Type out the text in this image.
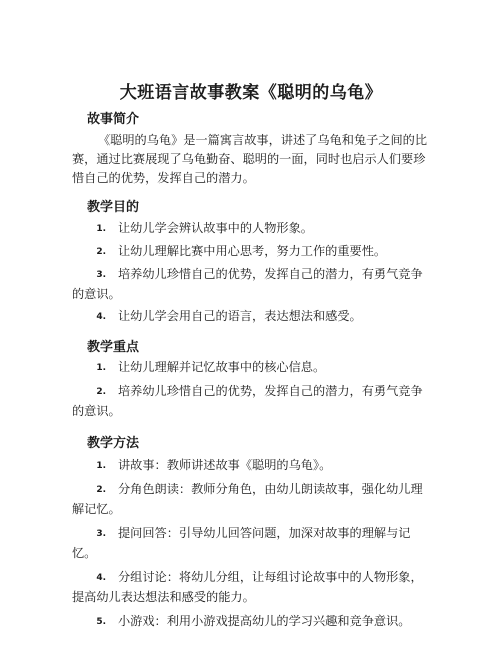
大班语言故事教案《聪明的乌龟》
故事简介
《聪明的乌龟》是一篇寓言故事，讲述了乌龟和兔子之间的比赛，通过比赛展现了乌龟勤奋、聪明的一面，同时也启示人们要珍惜自己的优势，发挥自己的潜力。
教学目的
1. 让幼儿学会辨认故事中的人物形象。
2. 让幼儿理解比赛中用心思考，努力工作的重要性。
3. 培养幼儿珍惜自己的优势，发挥自己的潜力，有勇气竞争的意识。
4. 让幼儿学会用自己的语言，表达想法和感受。
教学重点
1. 让幼儿理解并记忆故事中的核心信息。
2. 培养幼儿珍惜自己的优势，发挥自己的潜力，有勇气竞争的意识。
教学方法
1. 讲故事：教师讲述故事《聪明的乌龟》。
2. 分角色朗读：教师分角色，由幼儿朗读故事，强化幼儿理解记忆。
3. 提问回答：引导幼儿回答问题，加深对故事的理解与记忆。
4. 分组讨论：将幼儿分组，让每组讨论故事中的人物形象，提高幼儿表达想法和感受的能力。
5. 小游戏：利用小游戏提高幼儿的学习兴趣和竞争意识。
